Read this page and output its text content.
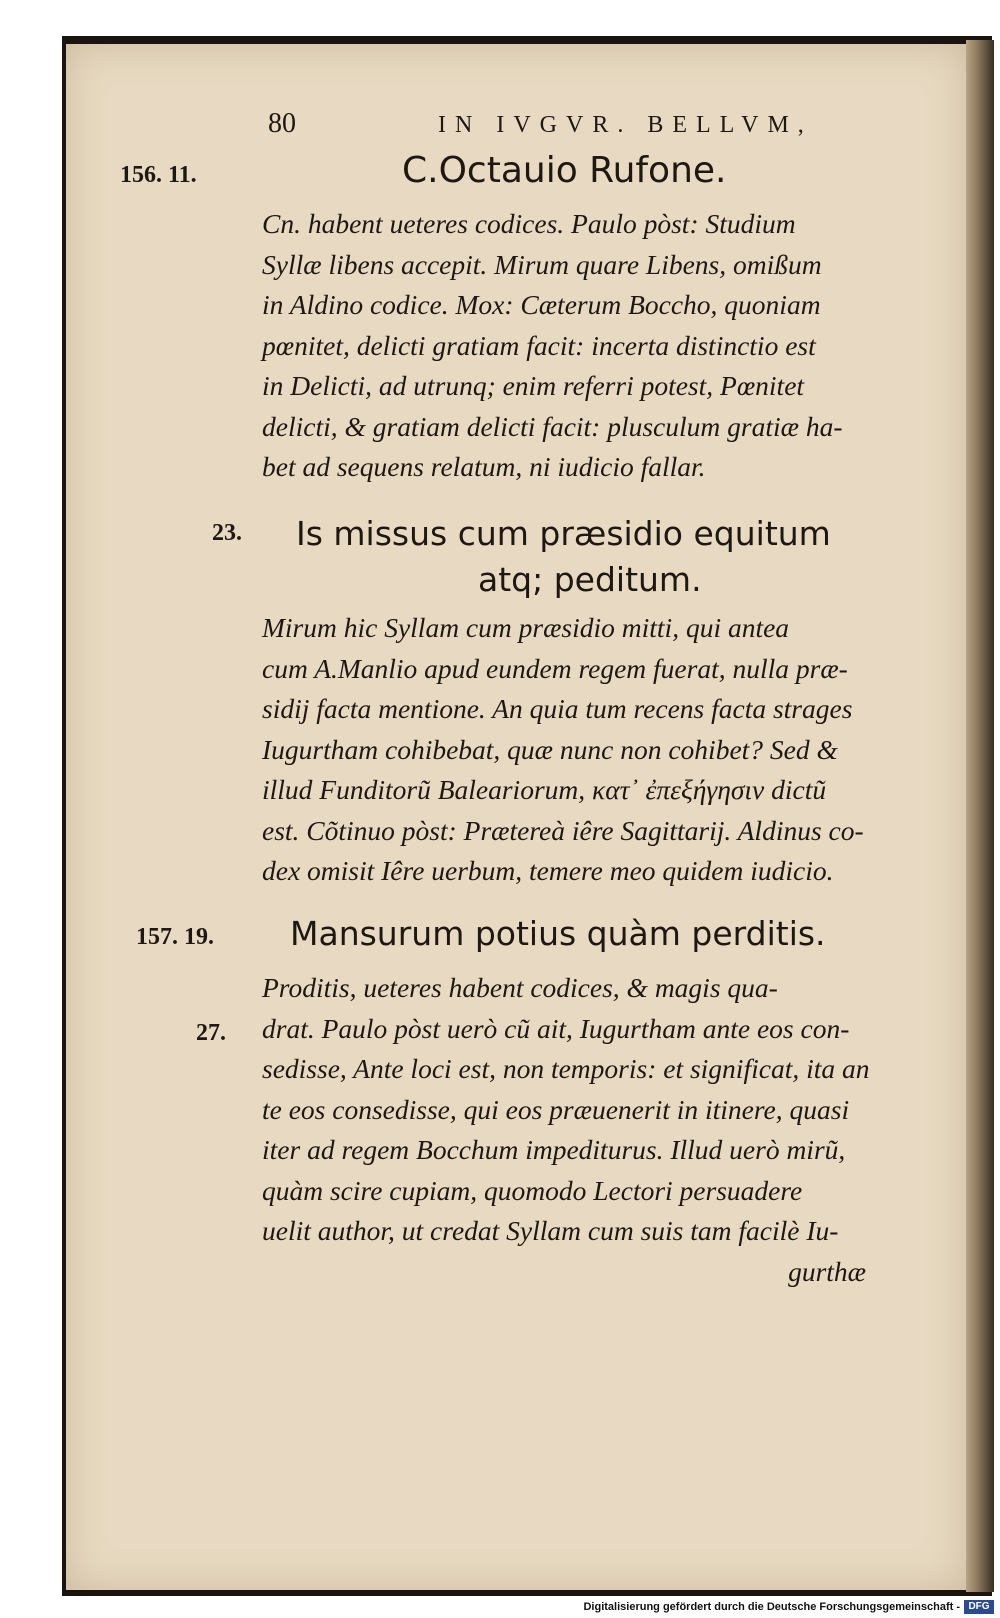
80	IN IVGVR. BELLVM,
156. 11.	C.Octauio Rufone.
Cn. habent ueteres codices. Paulo pòst: Studium
Syllæ libens accepit. Mirum quare Libens, omißum
in Aldino codice. Mox: Cæterum Boccho, quoniam
pœnitet, delicti gratiam facit: incerta distinctio est
in Delicti, ad utrunq; enim referri potest, Pœnitet
delicti, & gratiam delicti facit: plusculum gratiæ ha-
bet ad sequens relatum, ni iudicio fallar.
23. Is missus cum præsidio equitum
atq; peditum.
Mirum hic Syllam cum præsidio mitti, qui antea
cum A.Manlio apud eundem regem fuerat, nulla præ-
sidij facta mentione. An quia tum recens facta strages
Iugurtham cohibebat, quæ nunc non cohibet? Sed &
illud Funditorũ Baleariorum, κατ᾿ ἐπεξήγησιν dictũ
est. Cõtinuo pòst: Prætereà iêre Sagittarij. Aldinus co-
dex omisit Iêre uerbum, temere meo quidem iudicio.
157. 19. Mansurum potius quàm perditis.
27.
Proditis, ueteres habent codices, & magis qua-
drat. Paulo pòst uerò cũ ait, Iugurtham ante eos con-
sedisse, Ante loci est, non temporis: et significat, ita an
te eos consedisse, qui eos præuenerit in itinere, quasi
iter ad regem Bocchum impediturus. Illud uerò mirũ,
quàm scire cupiam, quomodo Lectori persuadere
uelit author, ut credat Syllam cum suis tam facilè Iu-
gurthæ
Digitalisierung gefördert durch die Deutsche Forschungsgemeinschaft - DFG
